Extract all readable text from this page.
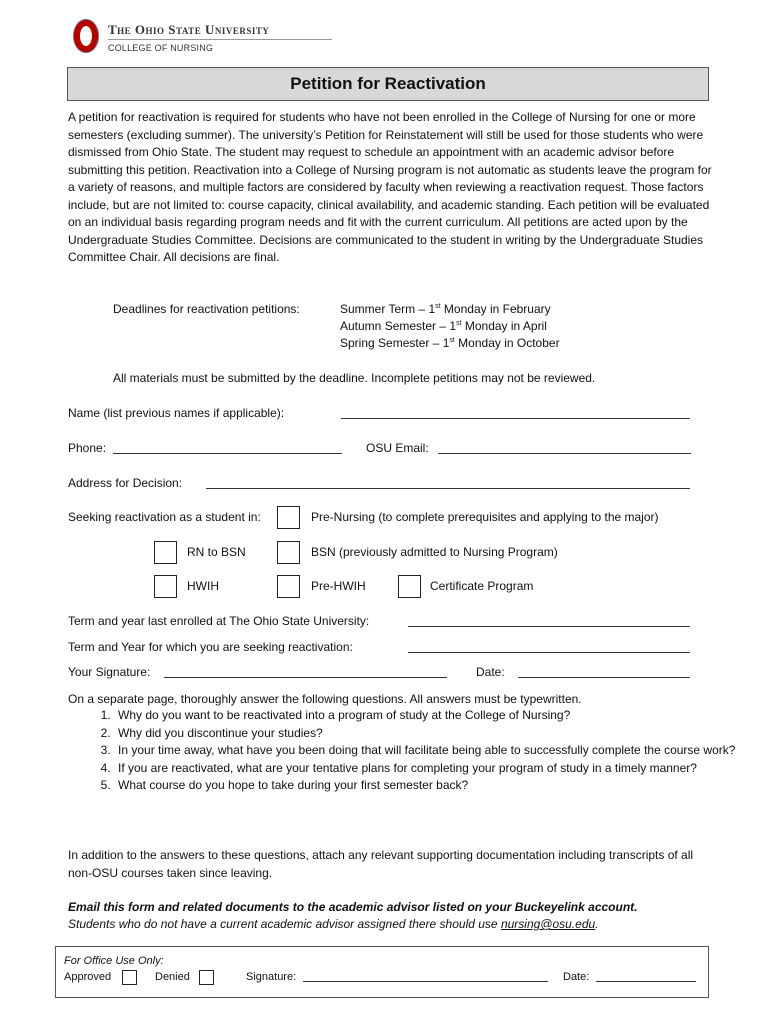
The Ohio State University
COLLEGE OF NURSING
Petition for Reactivation

A petition for reactivation is required for students who have not been enrolled in the College of Nursing for one or more semesters (excluding summer). The university’s Petition for Reinstatement will still be used for those students who were dismissed from Ohio State. The student may request to schedule an appointment with an academic advisor before submitting this petition. Reactivation into a College of Nursing program is not automatic as students leave the program for a variety of reasons, and multiple factors are considered by faculty when reviewing a reactivation request. Those factors include, but are not limited to: course capacity, clinical availability, and academic standing. Each petition will be evaluated on an individual basis regarding program needs and fit with the current curriculum. All petitions are acted upon by the Undergraduate Studies Committee. Decisions are communicated to the student in writing by the Undergraduate Studies Committee Chair. All decisions are final.

Deadlines for reactivation petitions:	Summer Term – 1st Monday in February
Autumn Semester – 1st Monday in April
Spring Semester – 1st Monday in October
All materials must be submitted by the deadline. Incomplete petitions may not be reviewed.
Name (list previous names if applicable):
Phone:	OSU Email:
Address for Decision:
Seeking reactivation as a student in:	Pre-Nursing (to complete prerequisites and applying to the major)
RN to BSN	BSN (previously admitted to Nursing Program)
HWIH	Pre-HWIH	Certificate Program
Term and year last enrolled at The Ohio State University:
Term and Year for which you are seeking reactivation:
Your Signature:	Date:
On a separate page, thoroughly answer the following questions. All answers must be typewritten.
1. Why do you want to be reactivated into a program of study at the College of Nursing?
2. Why did you discontinue your studies?
3. In your time away, what have you been doing that will facilitate being able to successfully complete the course work?
4. If you are reactivated, what are your tentative plans for completing your program of study in a timely manner?
5. What course do you hope to take during your first semester back?
In addition to the answers to these questions, attach any relevant supporting documentation including transcripts of all non-OSU courses taken since leaving.
Email this form and related documents to the academic advisor listed on your Buckeyelink account.
Students who do not have a current academic advisor assigned there should use nursing@osu.edu.
For Office Use Only:
Approved	Denied	Signature:	Date:
